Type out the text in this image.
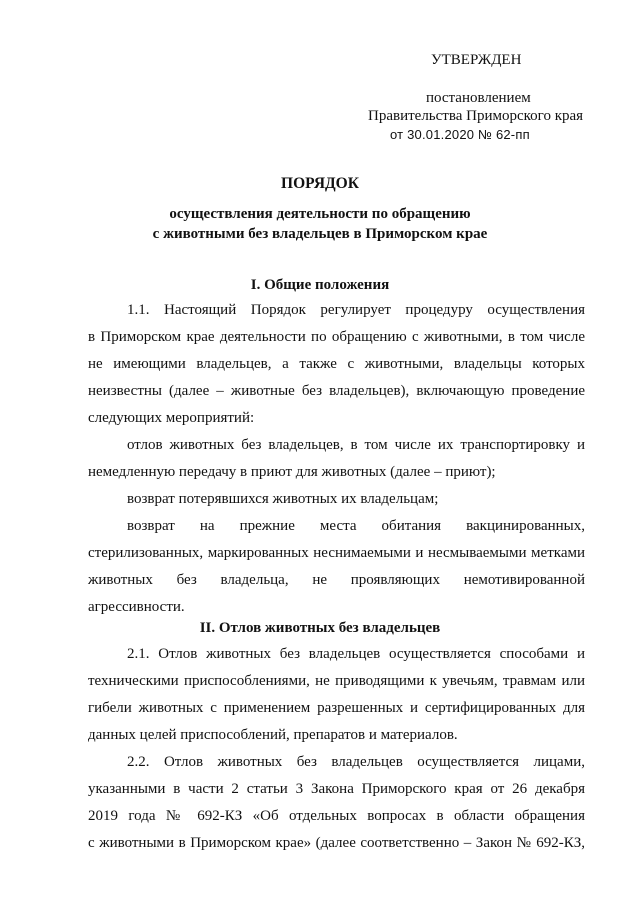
УТВЕРЖДЕН
постановлением
Правительства Приморского края
от 30.01.2020 № 62-пп
ПОРЯДОК
осуществления деятельности по обращению
с животными без владельцев в Приморском крае
I. Общие положения
1.1. Настоящий Порядок регулирует процедуру осуществления
в Приморском крае деятельности по обращению с животными, в том числе
не имеющими владельцев, а также с животными, владельцы которых
неизвестны (далее – животные без владельцев), включающую проведение
следующих мероприятий:
отлов животных без владельцев, в том числе их транспортировку и
немедленную передачу в приют для животных (далее – приют);
возврат потерявшихся животных их владельцам;
возврат на прежние места обитания вакцинированных,
стерилизованных, маркированных неснимаемыми и несмываемыми метками
животных без владельца, не проявляющих немотивированной
агрессивности.
II. Отлов животных без владельцев
2.1. Отлов животных без владельцев осуществляется способами и
техническими приспособлениями, не приводящими к увечьям, травмам или
гибели животных с применением разрешенных и сертифицированных для
данных целей приспособлений, препаратов и материалов.
2.2. Отлов животных без владельцев осуществляется лицами,
указанными в части 2 статьи 3 Закона Приморского края от 26 декабря
2019 года № 692-КЗ «Об отдельных вопросах в области обращения
с животными в Приморском крае» (далее соответственно – Закон № 692-КЗ,
